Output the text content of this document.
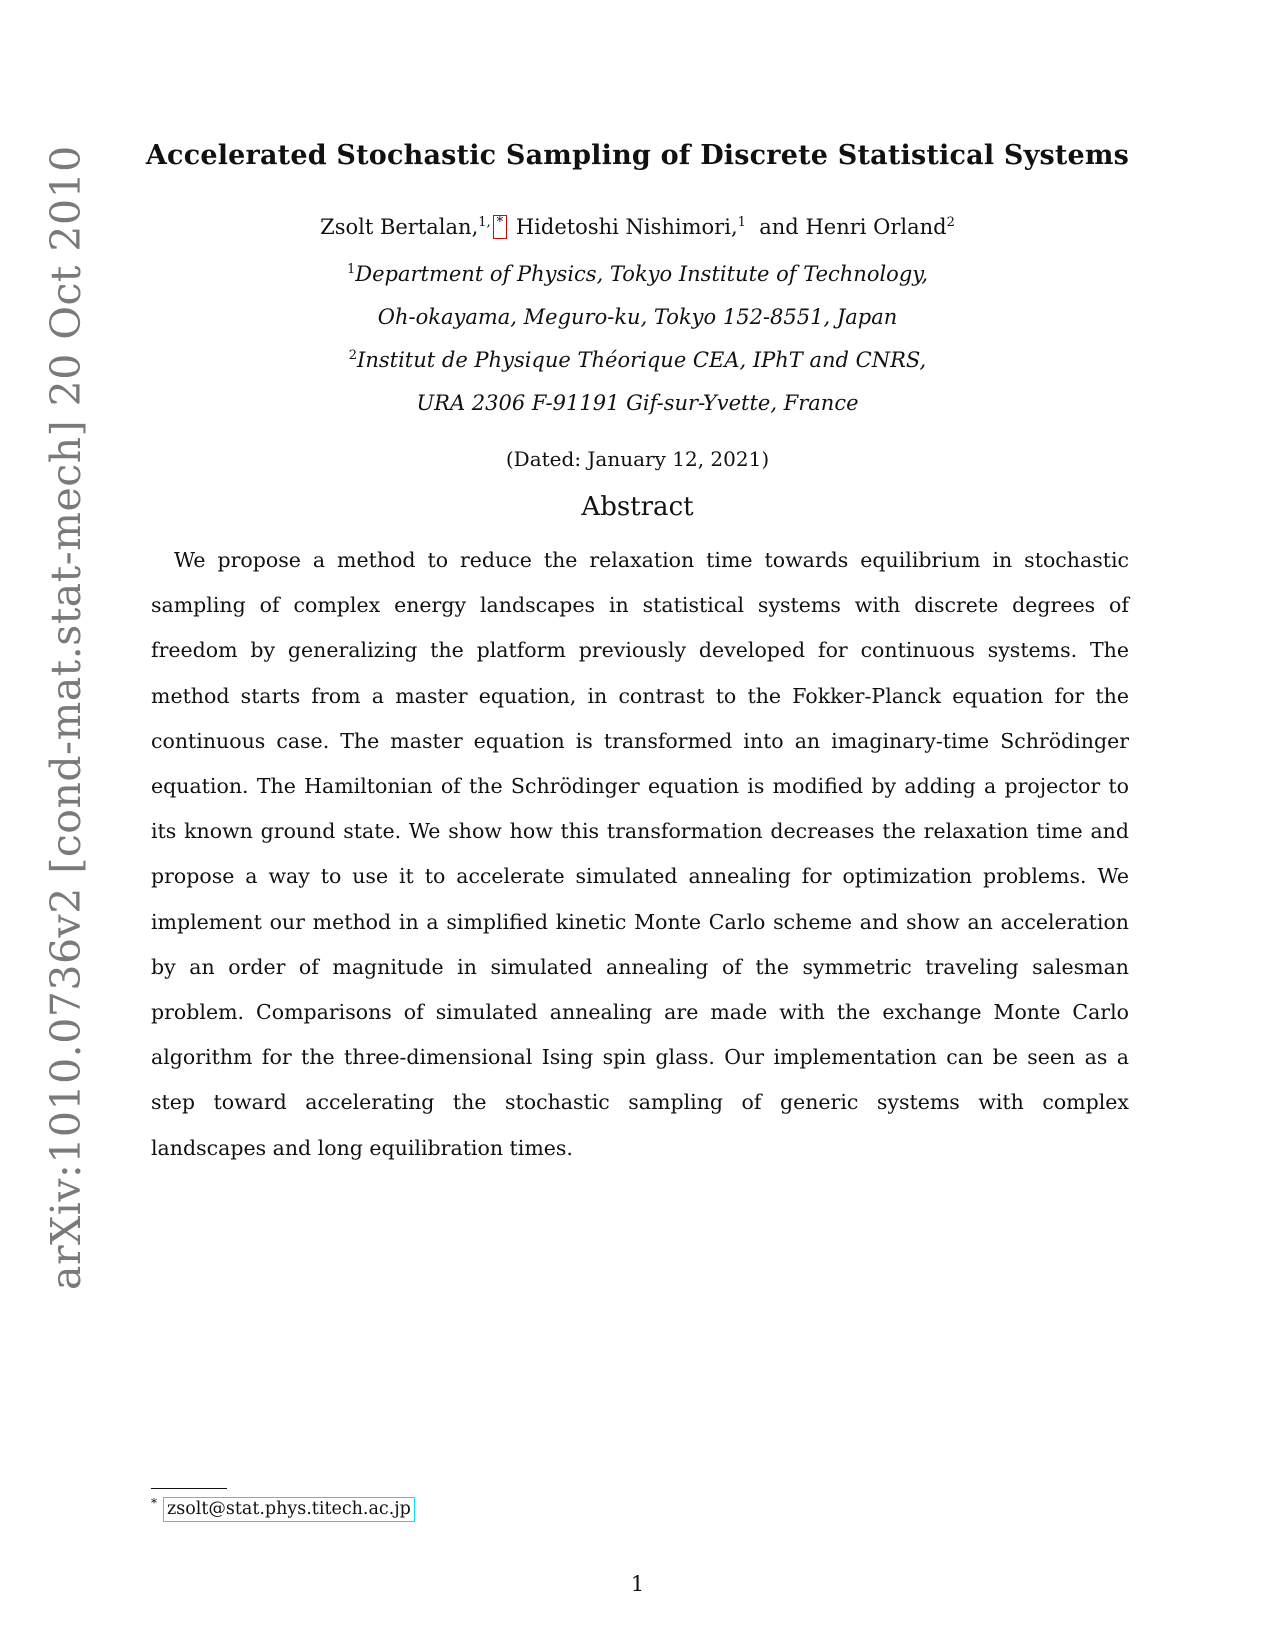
arXiv:1010.0736v2 [cond-mat.stat-mech] 20 Oct 2010	Accelerated Stochastic Sampling of Discrete Statistical Systems
Zsolt Bertalan,$^{1,}$ * Hidetoshi Nishimori,$^1$ and Henri Orland$^2$
$^1$Department of Physics, Tokyo Institute of Technology,
Oh-okayama, Meguro-ku, Tokyo 152-8551, Japan
$^2$Institut de Physique Théorique CEA, IPhT and CNRS,
URA 2306 F-91191 Gif-sur-Yvette, France
(Dated: January 12, 2021)
Abstract

We propose a method to reduce the relaxation time towards equilibrium in stochastic sampling of complex energy landscapes in statistical systems with discrete degrees of freedom by generalizing the platform previously developed for continuous systems. The method starts from a master equation, in contrast to the Fokker-Planck equation for the continuous case. The master equation is transformed into an imaginary-time Schrödinger equation. The Hamiltonian of the Schrödinger equation is modified by adding a projector to its known ground state. We show how this transformation decreases the relaxation time and propose a way to use it to accelerate simulated annealing for optimization problems. We implement our method in a simplified kinetic Monte Carlo scheme and show an acceleration by an order of magnitude in simulated annealing of the symmetric traveling salesman problem. Comparisons of simulated annealing are made with the exchange Monte Carlo algorithm for the three-dimensional Ising spin glass. Our implementation can be seen as a step toward accelerating the stochastic sampling of generic systems with complex landscapes and long equilibration times.

* zsolt@stat.phys.titech.ac.jp
1
